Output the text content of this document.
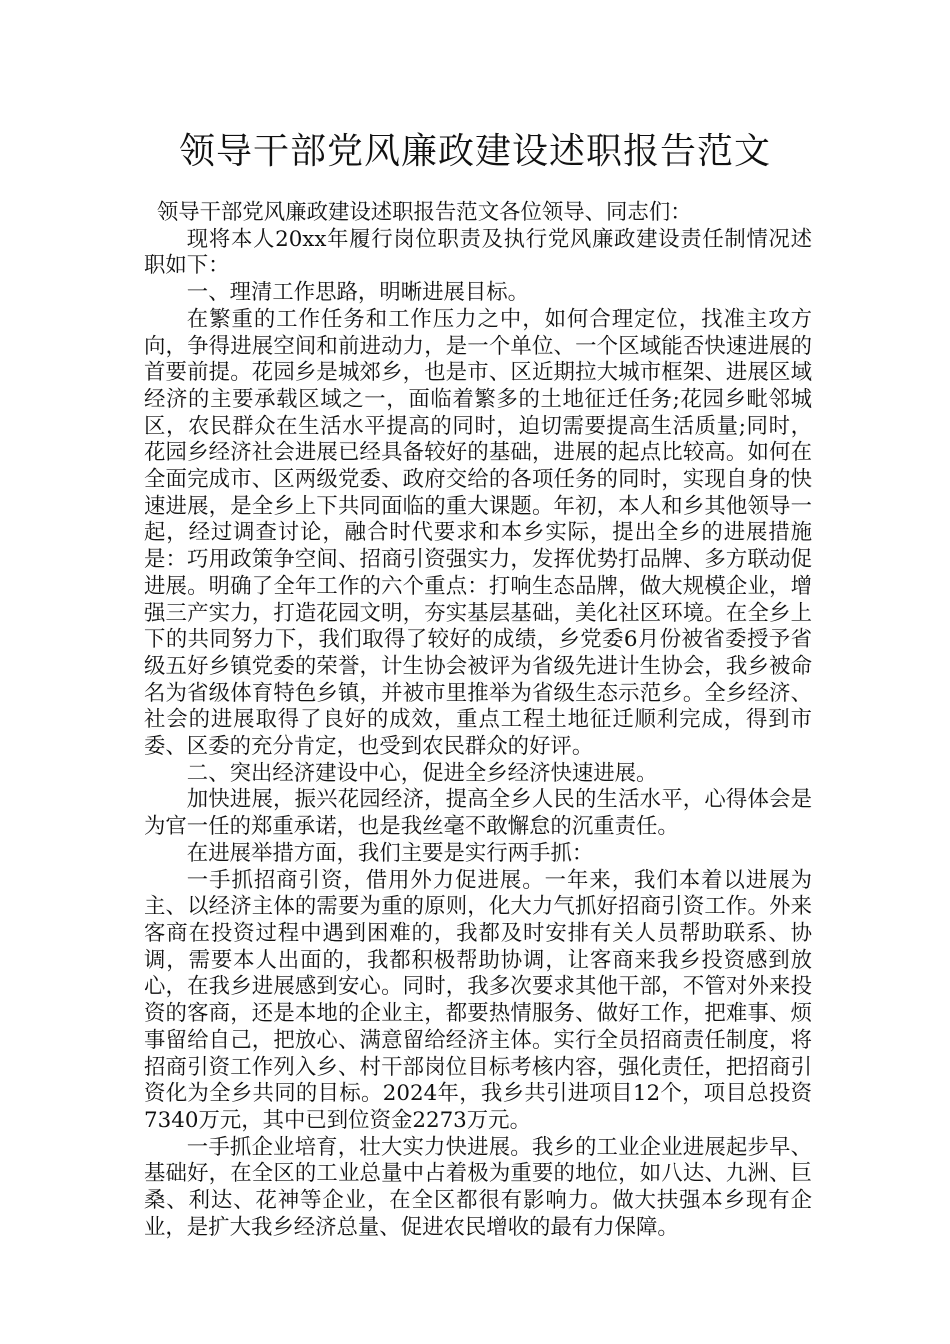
领导干部党风廉政建设述职报告范文

领导干部党风廉政建设述职报告范文各位领导、同志们：

现将本人20xx年履行岗位职责及执行党风廉政建设责任制情况述职如下：

一、理清工作思路，明晰进展目标。

在繁重的工作任务和工作压力之中，如何合理定位，找准主攻方向，争得进展空间和前进动力，是一个单位、一个区域能否快速进展的首要前提。花园乡是城郊乡，也是市、区近期拉大城市框架、进展区域经济的主要承载区域之一，面临着繁多的土地征迁任务;花园乡毗邻城区，农民群众在生活水平提高的同时，迫切需要提高生活质量;同时，花园乡经济社会进展已经具备较好的基础，进展的起点比较高。如何在全面完成市、区两级党委、政府交给的各项任务的同时，实现自身的快速进展，是全乡上下共同面临的重大课题。年初，本人和乡其他领导一起，经过调查讨论，融合时代要求和本乡实际，提出全乡的进展措施是：巧用政策争空间、招商引资强实力，发挥优势打品牌、多方联动促进展。明确了全年工作的六个重点：打响生态品牌，做大规模企业，增强三产实力，打造花园文明，夯实基层基础，美化社区环境。在全乡上下的共同努力下，我们取得了较好的成绩，乡党委6月份被省委授予省级五好乡镇党委的荣誉，计生协会被评为省级先进计生协会，我乡被命名为省级体育特色乡镇，并被市里推举为省级生态示范乡。全乡经济、社会的进展取得了良好的成效，重点工程土地征迁顺利完成，得到市委、区委的充分肯定，也受到农民群众的好评。

二、突出经济建设中心，促进全乡经济快速进展。

加快进展，振兴花园经济，提高全乡人民的生活水平，心得体会是为官一任的郑重承诺，也是我丝毫不敢懈怠的沉重责任。

在进展举措方面，我们主要是实行两手抓：

一手抓招商引资，借用外力促进展。一年来，我们本着以进展为主、以经济主体的需要为重的原则，化大力气抓好招商引资工作。外来客商在投资过程中遇到困难的，我都及时安排有关人员帮助联系、协调，需要本人出面的，我都积极帮助协调，让客商来我乡投资感到放心，在我乡进展感到安心。同时，我多次要求其他干部，不管对外来投资的客商，还是本地的企业主，都要热情服务、做好工作，把难事、烦事留给自己，把放心、满意留给经济主体。实行全员招商责任制度，将招商引资工作列入乡、村干部岗位目标考核内容，强化责任，把招商引资化为全乡共同的目标。2024年，我乡共引进项目12个，项目总投资7340万元，其中已到位资金2273万元。

一手抓企业培育，壮大实力快进展。我乡的工业企业进展起步早、基础好，在全区的工业总量中占着极为重要的地位，如八达、九洲、巨桑、利达、花神等企业，在全区都很有影响力。做大扶强本乡现有企业，是扩大我乡经济总量、促进农民增收的最有力保障。
